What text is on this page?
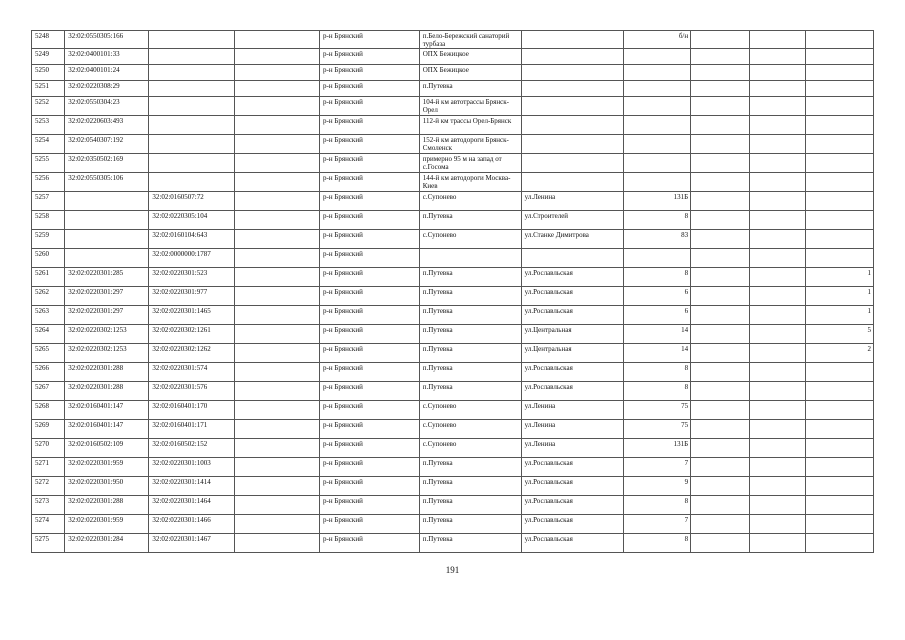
5248	32:02:0550305:166			р-н Брянский	п.Бело-Бережский санаторий турбаза		б/н			
5249	32:02:0400101:33			р-н Брянский	ОПХ Бежицкое					
5250	32:02:0400101:24			р-н Брянский	ОПХ Бежицкое					
5251	32:02:0220308:29			р-н Брянский	п.Путевка					
5252	32:02:0550304:23			р-н Брянский	104-й км автотрассы Брянск-Орел					
5253	32:02:0220603:493			р-н Брянский	112-й км трассы Орел-Брянск					
5254	32:02:0540307:192			р-н Брянский	152-й км автодороги Брянск-Смоленск					
5255	32:02:0350502:169			р-н Брянский	примерно 95 м на запад от с.Госома					
5256	32:02:0550305:106			р-н Брянский	144-й км автодороги Москва-Киев					
5257		32:02:0160507:72		р-н Брянский	с.Супонево	ул.Ленина	131Б			
5258		32:02:0220305:104		р-н Брянский	п.Путевка	ул.Строителей	8			
5259		32:02:0160104:643		р-н Брянский	с.Супонево	ул.Станке Димитрова	83			
5260		32:02:0000000:1787		р-н Брянский						
5261	32:02:0220301:285	32:02:0220301:523		р-н Брянский	п.Путевка	ул.Рославльская	8			1
5262	32:02:0220301:297	32:02:0220301:977		р-н Брянский	п.Путевка	ул.Рославльская	6			1
5263	32:02:0220301:297	32:02:0220301:1465		р-н Брянский	п.Путевка	ул.Рославльская	6			1
5264	32:02:0220302:1253	32:02:0220302:1261		р-н Брянский	п.Путевка	ул.Центральная	14			5
5265	32:02:0220302:1253	32:02:0220302:1262		р-н Брянский	п.Путевка	ул.Центральная	14			2
5266	32:02:0220301:288	32:02:0220301:574		р-н Брянский	п.Путевка	ул.Рославльская	8			
5267	32:02:0220301:288	32:02:0220301:576		р-н Брянский	п.Путевка	ул.Рославльская	8			
5268	32:02:0160401:147	32:02:0160401:170		р-н Брянский	с.Супонево	ул.Ленина	75			
5269	32:02:0160401:147	32:02:0160401:171		р-н Брянский	с.Супонево	ул.Ленина	75			
5270	32:02:0160502:109	32:02:0160502:152		р-н Брянский	с.Супонево	ул.Ленина	131Б			
5271	32:02:0220301:959	32:02:0220301:1003		р-н Брянский	п.Путевка	ул.Рославльская	7			
5272	32:02:0220301:950	32:02:0220301:1414		р-н Брянский	п.Путевка	ул.Рославльская	9			
5273	32:02:0220301:288	32:02:0220301:1464		р-н Брянский	п.Путевка	ул.Рославльская	8			
5274	32:02:0220301:959	32:02:0220301:1466		р-н Брянский	п.Путевка	ул.Рославльская	7			
5275	32:02:0220301:284	32:02:0220301:1467		р-н Брянский	п.Путевка	ул.Рославльская	8			
191
